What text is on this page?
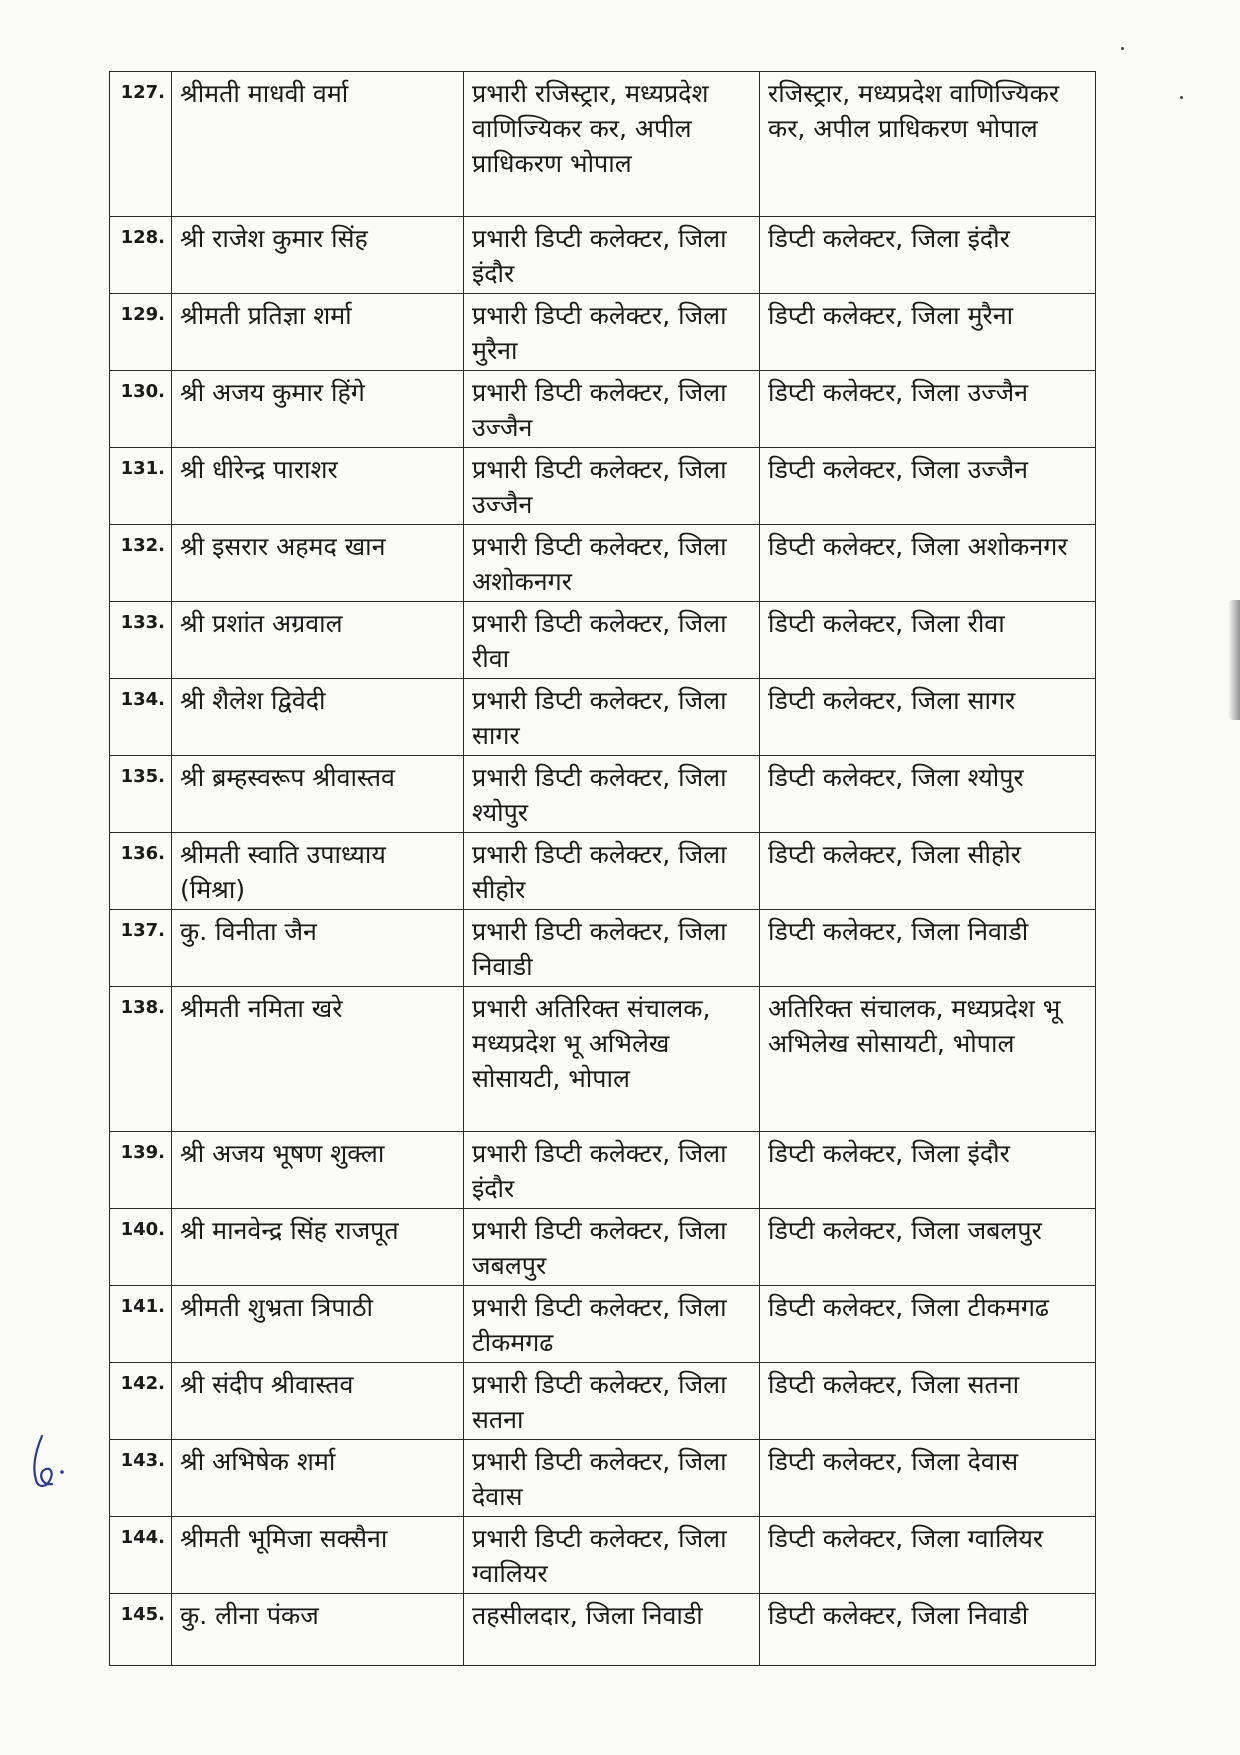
127.	श्रीमती माधवी वर्मा	प्रभारी रजिस्ट्रार, मध्यप्रदेश वाणिज्यिकर कर, अपील प्राधिकरण भोपाल	रजिस्ट्रार, मध्यप्रदेश वाणिज्यिकर कर, अपील प्राधिकरण भोपाल
128.	श्री राजेश कुमार सिंह	प्रभारी डिप्टी कलेक्टर, जिला इंदौर	डिप्टी कलेक्टर, जिला इंदौर
129.	श्रीमती प्रतिज्ञा शर्मा	प्रभारी डिप्टी कलेक्टर, जिला मुरैना	डिप्टी कलेक्टर, जिला मुरैना
130.	श्री अजय कुमार हिंगे	प्रभारी डिप्टी कलेक्टर, जिला उज्जैन	डिप्टी कलेक्टर, जिला उज्जैन
131.	श्री धीरेन्द्र पाराशर	प्रभारी डिप्टी कलेक्टर, जिला उज्जैन	डिप्टी कलेक्टर, जिला उज्जैन
132.	श्री इसरार अहमद खान	प्रभारी डिप्टी कलेक्टर, जिला अशोकनगर	डिप्टी कलेक्टर, जिला अशोकनगर
133.	श्री प्रशांत अग्रवाल	प्रभारी डिप्टी कलेक्टर, जिला रीवा	डिप्टी कलेक्टर, जिला रीवा
134.	श्री शैलेश द्विवेदी	प्रभारी डिप्टी कलेक्टर, जिला सागर	डिप्टी कलेक्टर, जिला सागर
135.	श्री ब्रम्हस्वरूप श्रीवास्तव	प्रभारी डिप्टी कलेक्टर, जिला श्योपुर	डिप्टी कलेक्टर, जिला श्योपुर
136.	श्रीमती स्वाति उपाध्याय (मिश्रा)	प्रभारी डिप्टी कलेक्टर, जिला सीहोर	डिप्टी कलेक्टर, जिला सीहोर
137.	कु. विनीता जैन	प्रभारी डिप्टी कलेक्टर, जिला निवाडी	डिप्टी कलेक्टर, जिला निवाडी
138.	श्रीमती नमिता खरे	प्रभारी अतिरिक्त संचालक, मध्यप्रदेश भू अभिलेख सोसायटी, भोपाल	अतिरिक्त संचालक, मध्यप्रदेश भू अभिलेख सोसायटी, भोपाल
139.	श्री अजय भूषण शुक्ला	प्रभारी डिप्टी कलेक्टर, जिला इंदौर	डिप्टी कलेक्टर, जिला इंदौर
140.	श्री मानवेन्द्र सिंह राजपूत	प्रभारी डिप्टी कलेक्टर, जिला जबलपुर	डिप्टी कलेक्टर, जिला जबलपुर
141.	श्रीमती शुभ्रता त्रिपाठी	प्रभारी डिप्टी कलेक्टर, जिला टीकमगढ	डिप्टी कलेक्टर, जिला टीकमगढ
142.	श्री संदीप श्रीवास्तव	प्रभारी डिप्टी कलेक्टर, जिला सतना	डिप्टी कलेक्टर, जिला सतना
143.	श्री अभिषेक शर्मा	प्रभारी डिप्टी कलेक्टर, जिला देवास	डिप्टी कलेक्टर, जिला देवास
144.	श्रीमती भूमिजा सक्सैना	प्रभारी डिप्टी कलेक्टर, जिला ग्वालियर	डिप्टी कलेक्टर, जिला ग्वालियर
145.	कु. लीना पंकज	तहसीलदार, जिला निवाडी	डिप्टी कलेक्टर, जिला निवाडी
